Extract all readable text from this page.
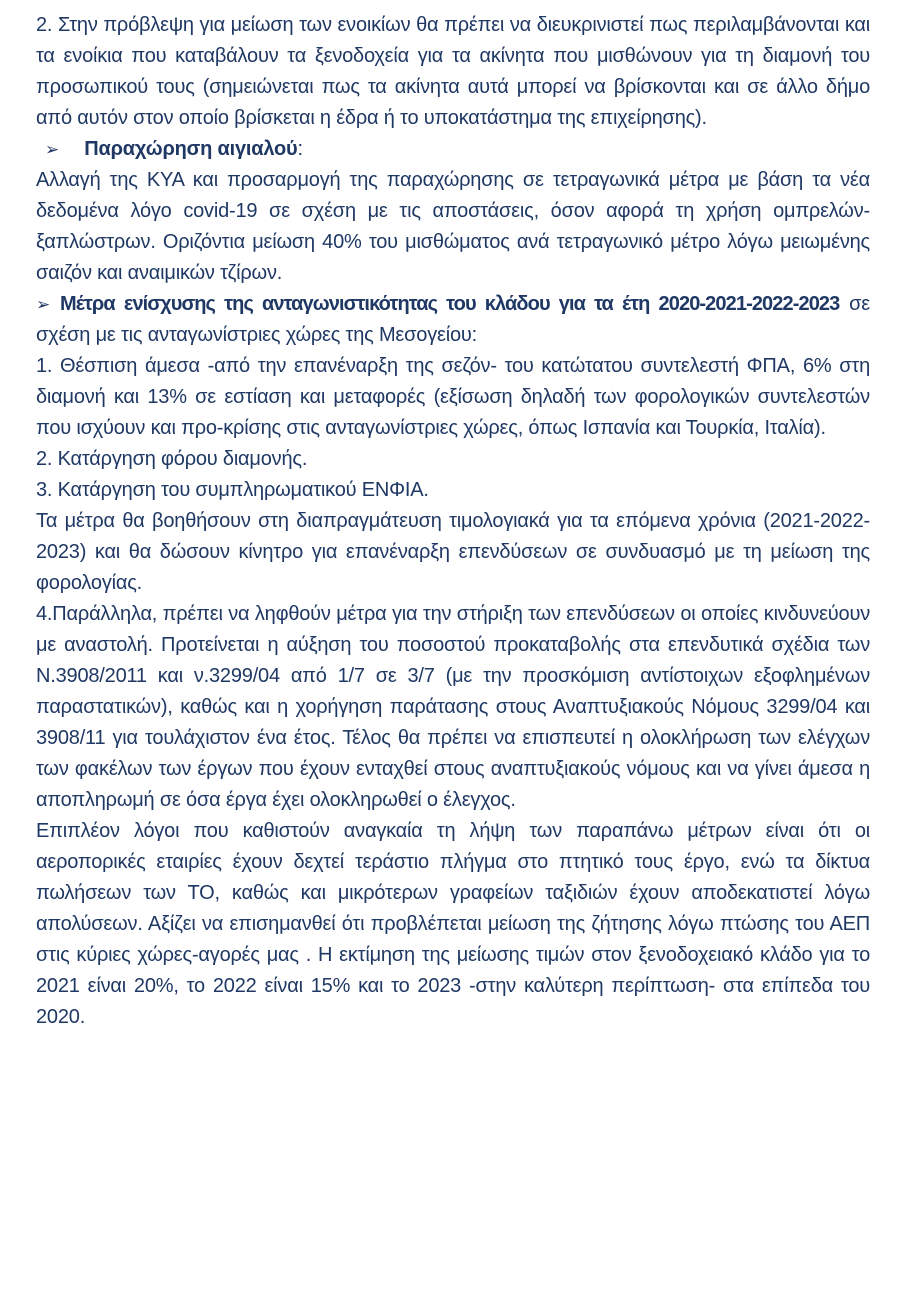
2. Στην πρόβλεψη για μείωση των ενοικίων θα πρέπει να διευκρινιστεί πως περιλαμβάνονται και τα ενοίκια που καταβάλουν τα ξενοδοχεία για τα ακίνητα που μισθώνουν για τη διαμονή του προσωπικού τους (σημειώνεται πως τα ακίνητα αυτά μπορεί να βρίσκονται και σε άλλο δήμο από αυτόν στον οποίο βρίσκεται η έδρα ή το υποκατάστημα της επιχείρησης).

➢ Παραχώρηση αιγιαλού:

Αλλαγή της ΚΥΑ και προσαρμογή της παραχώρησης σε τετραγωνικά μέτρα με βάση τα νέα δεδομένα λόγο covid-19 σε σχέση με τις αποστάσεις, όσον αφορά τη χρήση ομπρελών-ξαπλώστρων. Οριζόντια μείωση 40% του μισθώματος ανά τετραγωνικό μέτρο λόγω μειωμένης σαιζόν και αναιμικών τζίρων.

➢ Μέτρα ενίσχυσης της ανταγωνιστικότητας του κλάδου για τα έτη 2020-2021-2022-2023 σε σχέση με τις ανταγωνίστριες χώρες της Μεσογείου:

1. Θέσπιση άμεσα -από την επανέναρξη της σεζόν- του κατώτατου συντελεστή ΦΠΑ, 6% στη διαμονή και 13% σε εστίαση και μεταφορές (εξίσωση δηλαδή των φορολογικών συντελεστών που ισχύουν και προ-κρίσης στις ανταγωνίστριες χώρες, όπως Ισπανία και Τουρκία, Ιταλία).

2. Κατάργηση φόρου διαμονής.

3. Κατάργηση του συμπληρωματικού ΕΝΦΙΑ.

Τα μέτρα θα βοηθήσουν στη διαπραγμάτευση τιμολογιακά για τα επόμενα χρόνια (2021-2022-2023) και θα δώσουν κίνητρο για επανέναρξη επενδύσεων σε συνδυασμό με τη μείωση της φορολογίας.

4.Παράλληλα, πρέπει να ληφθούν μέτρα για την στήριξη των επενδύσεων οι οποίες κινδυνεύουν με αναστολή. Προτείνεται η αύξηση του ποσοστού προκαταβολής στα επενδυτικά σχέδια των Ν.3908/2011 και ν.3299/04 από 1/7 σε 3/7 (με την προσκόμιση αντίστοιχων εξοφλημένων παραστατικών), καθώς και η χορήγηση παράτασης στους Αναπτυξιακούς Νόμους 3299/04 και 3908/11 για τουλάχιστον ένα έτος. Τέλος θα πρέπει να επισπευτεί η ολοκλήρωση των ελέγχων των φακέλων των έργων που έχουν ενταχθεί στους αναπτυξιακούς νόμους και να γίνει άμεσα η αποπληρωμή σε όσα έργα έχει ολοκληρωθεί ο έλεγχος.

Επιπλέον λόγοι που καθιστούν αναγκαία τη λήψη των παραπάνω μέτρων είναι ότι οι αεροπορικές εταιρίες έχουν δεχτεί τεράστιο πλήγμα στο πτητικό τους έργο, ενώ τα δίκτυα πωλήσεων των ΤΟ, καθώς και μικρότερων γραφείων ταξιδιών έχουν αποδεκατιστεί λόγω απολύσεων. Αξίζει να επισημανθεί ότι προβλέπεται μείωση της ζήτησης λόγω πτώσης του ΑΕΠ στις κύριες χώρες-αγορές μας . Η εκτίμηση της μείωσης τιμών στον ξενοδοχειακό κλάδο για το 2021 είναι 20%, το 2022 είναι 15% και το 2023 -στην καλύτερη περίπτωση- στα επίπεδα του 2020.
